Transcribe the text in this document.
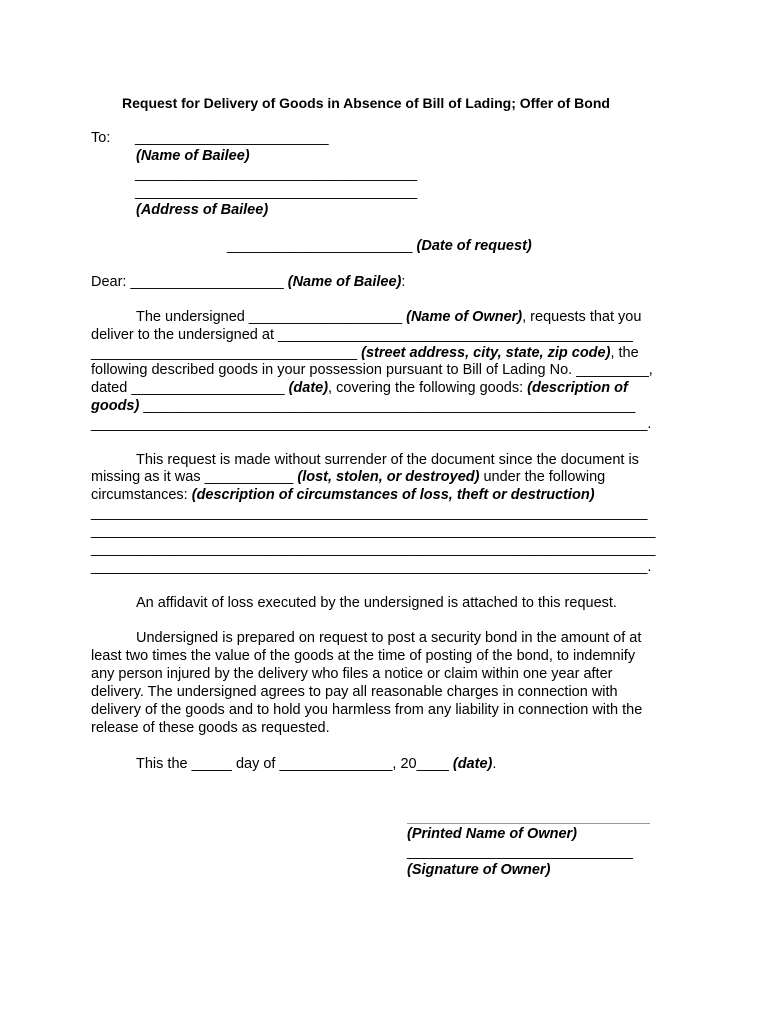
Request for Delivery of Goods in Absence of Bill of Lading; Offer of Bond
To: ________________________
(Name of Bailee)
___________________________________
___________________________________
(Address of Bailee)
_______________________ (Date of request)
Dear: ___________________ (Name of Bailee):
The undersigned ___________________ (Name of Owner), requests that you
deliver to the undersigned at ____________________________________________
_________________________________ (street address, city, state, zip code), the
following described goods in your possession pursuant to Bill of Lading No. _________,
dated ___________________ (date), covering the following goods: (description of
goods) _____________________________________________________________
_____________________________________________________________________.
This request is made without surrender of the document since the document is
missing as it was ___________ (lost, stolen, or destroyed) under the following
circumstances: (description of circumstances of loss, theft or destruction)
_____________________________________________________________________
______________________________________________________________________
______________________________________________________________________
_____________________________________________________________________.
An affidavit of loss executed by the undersigned is attached to this request.
Undersigned is prepared on request to post a security bond in the amount of at
least two times the value of the goods at the time of posting of the bond, to indemnify
any person injured by the delivery who files a notice or claim within one year after
delivery. The undersigned agrees to pay all reasonable charges in connection with
delivery of the goods and to hold you harmless from any liability in connection with the
release of these goods as requested.
This the _____ day of ______________, 20____ (date).
(Printed Name of Owner)
____________________________
(Signature of Owner)
